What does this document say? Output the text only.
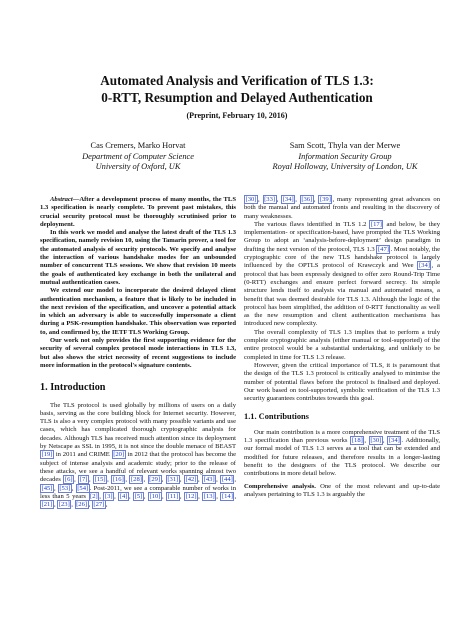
Automated Analysis and Verification of TLS 1.3:
0-RTT, Resumption and Delayed Authentication
(Preprint, February 10, 2016)
Cas Cremers, Marko Horvat
Department of Computer Science
University of Oxford, UK
Sam Scott, Thyla van der Merwe
Information Security Group
Royal Holloway, University of London, UK

Abstract—After a development process of many months, the TLS 1.3 specification is nearly complete. To prevent past mistakes, this crucial security protocol must be thoroughly scrutinised prior to deployment.

In this work we model and analyse the latest draft of the TLS 1.3 specification, namely revision 10, using the Tamarin prover, a tool for the automated analysis of security protocols. We specify and analyse the interaction of various handshake modes for an unbounded number of concurrent TLS sessions. We show that revision 10 meets the goals of authenticated key exchange in both the unilateral and mutual authentication cases.

We extend our model to incorporate the desired delayed client authentication mechanism, a feature that is likely to be included in the next revision of the specification, and uncover a potential attack in which an adversary is able to successfully impersonate a client during a PSK-resumption handshake. This observation was reported to, and confirmed by, the IETF TLS Working Group.

Our work not only provides the first supporting evidence for the security of several complex protocol mode interactions in TLS 1.3, but also shows the strict necessity of recent suggestions to include more information in the protocol's signature contents.

1. Introduction

The TLS protocol is used globally by millions of users on a daily basis, serving as the core building block for Internet security. However, TLS is also a very complex protocol with many possible variants and use cases, which has complicated thorough cryptographic analysis for decades. Although TLS has received much attention since its deployment by Netscape as SSL in 1995, it is not since the double menace of BEAST [19] in 2011 and CRIME [20] in 2012 that the protocol has become the subject of intense analysis and academic study; prior to the release of these attacks, we see a handful of relevant works spanning almost two decades [6] , [7] , [15] , [16] , [28] , [29] , [31] , [42] , [43] , [44] , [45] , [53] , [54] . Post-2011, we see a comparable number of works in less than 5 years [2] , [3] , [4] , [5] , [10] , [11] , [12] , [13] , [14] , [21] , [23] , [26] , [27] ,

[30] , [33] , [34] , [36] , [39] , many representing great advances on both the manual and automated fronts and resulting in the discovery of many weaknesses.

The various flaws identified in TLS 1.2 [17] and below, be they implementation- or specification-based, have prompted the TLS Working Group to adopt an ‘analysis-before-deployment’ design paradigm in drafting the next version of the protocol, TLS 1.3 [47] . Most notably, the cryptographic core of the new TLS handshake protocol is largely influenced by the OPTLS protocol of Krawczyk and Wee [34] , a protocol that has been expressly designed to offer zero Round-Trip Time (0-RTT) exchanges and ensure perfect forward secrecy. Its simple structure lends itself to analysis via manual and automated means, a benefit that was deemed desirable for TLS 1.3. Although the logic of the protocol has been simplified, the addition of 0-RTT functionality as well as the new resumption and client authentication mechanisms has introduced new complexity.

The overall complexity of TLS 1.3 implies that to perform a truly complete cryptographic analysis (either manual or tool-supported) of the entire protocol would be a substantial undertaking, and unlikely to be completed in time for TLS 1.3 release.

However, given the critical importance of TLS, it is paramount that the design of the TLS 1.3 protocol is critically analysed to minimise the number of potential flaws before the protocol is finalised and deployed. Our work based on tool-supported, symbolic verification of the TLS 1.3 security guarantees contributes towards this goal.

1.1. Contributions

Our main contribution is a more comprehensive treatment of the TLS 1.3 specification than previous works [18] , [30] , [34] . Additionally, our formal model of TLS 1.3 serves as a tool that can be extended and modified for future releases, and therefore results in a longer-lasting benefit to the designers of the TLS protocol. We describe our contributions in more detail below.

Comprehensive analysis. One of the most relevant and up-to-date analyses pertaining to TLS 1.3 is arguably the
